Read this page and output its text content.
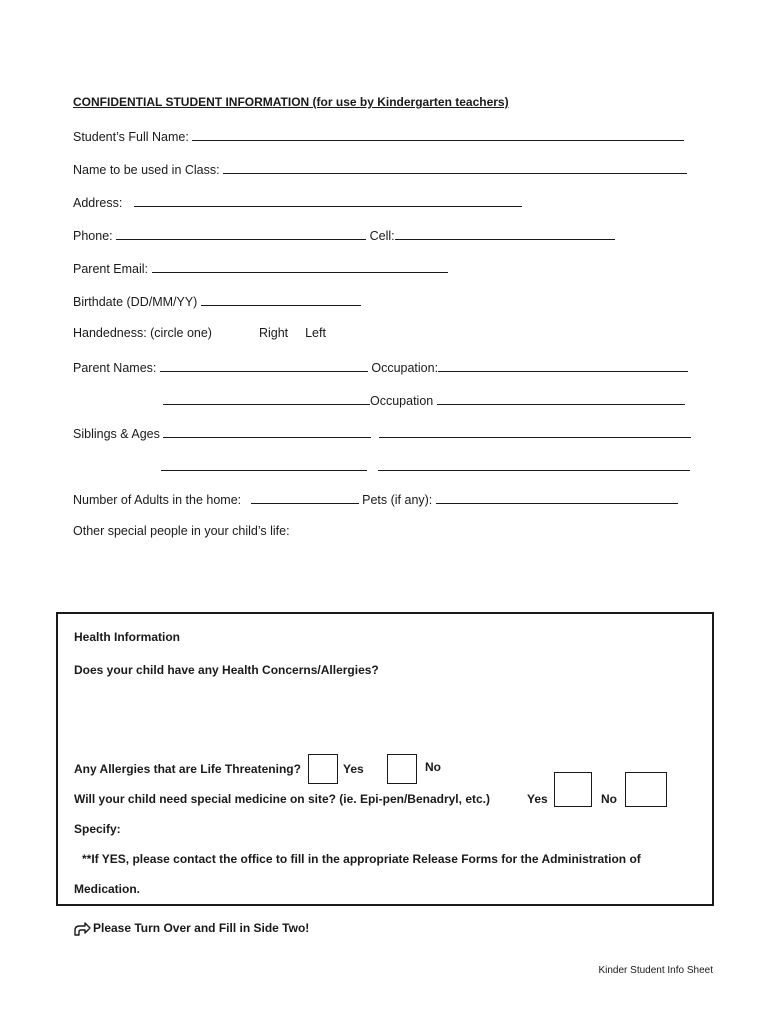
CONFIDENTIAL STUDENT INFORMATION (for use by Kindergarten teachers)
Student’s Full Name:
Name to be used in Class:
Address:
Phone:	Cell:
Parent Email:
Birthdate (DD/MM/YY)
Handedness: (circle one)	Right Left
Parent Names:	Occupation:
Occupation
Siblings & Ages

Number of Adults in the home:	Pets (if any):
Other special people in your child’s life:
Health Information
Does your child have any Health Concerns/Allergies?
Any Allergies that are Life Threatening?	Yes	No
Will your child need special medicine on site? (ie. Epi-pen/Benadryl, etc.)	Yes	No
Specify:
**If YES, please contact the office to fill in the appropriate Release Forms for the Administration of
Medication.
Please Turn Over and Fill in Side Two!
Kinder Student Info Sheet
